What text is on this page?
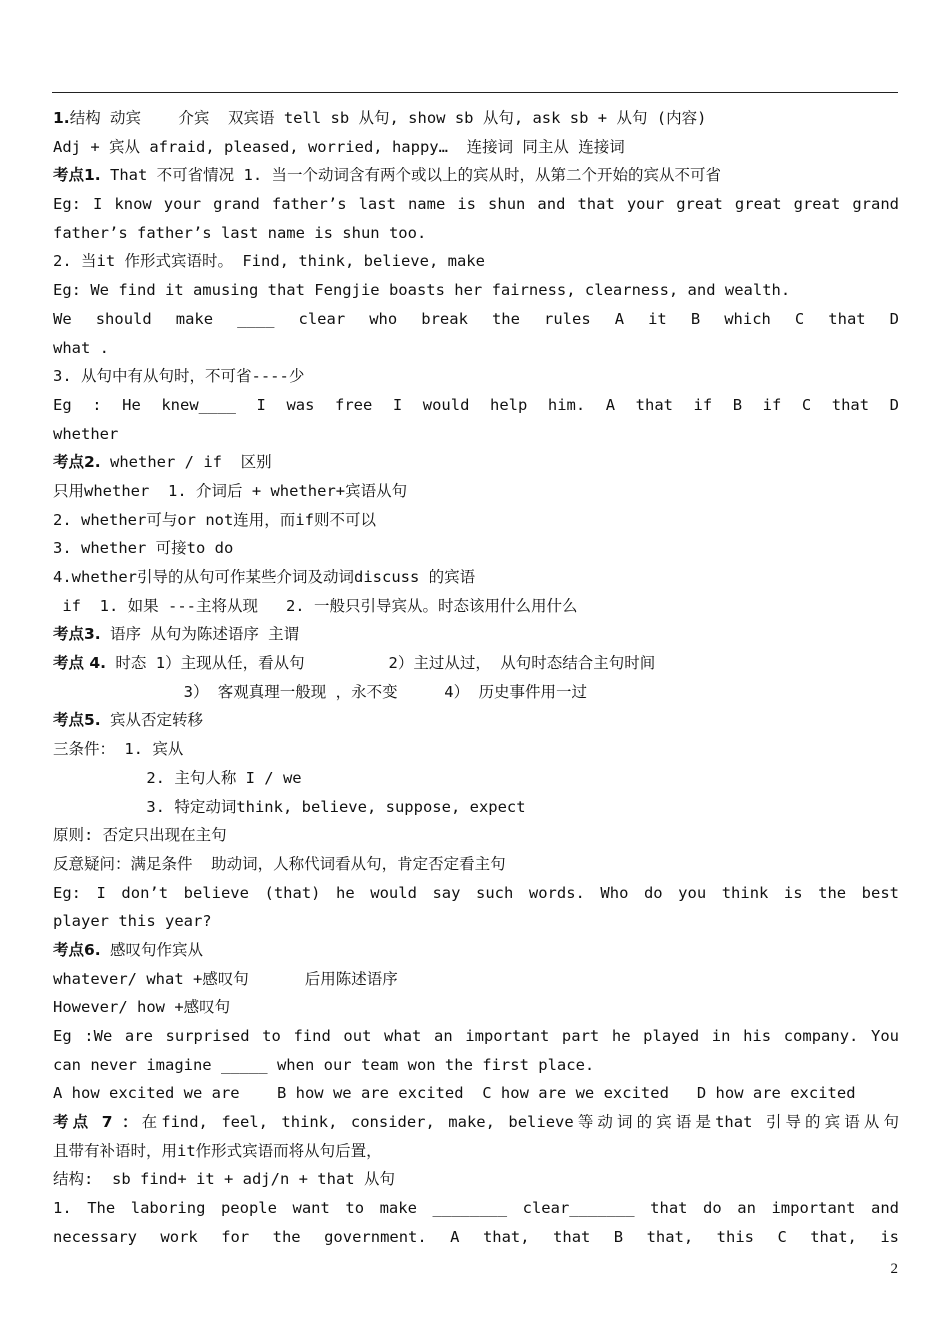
1.结构 动宾    介宾  双宾语 tell sb 从句, show sb 从句, ask sb + 从句 (内容)
Adj + 宾从 afraid, pleased, worried, happy…  连接词 同主从 连接词
考点1. That 不可省情况 1. 当一个动词含有两个或以上的宾从时，从第二个开始的宾从不可省
Eg: I know your grand father’s last name is shun and that your great great great grand
father’s father’s last name is shun too.
2. 当it 作形式宾语时。 Find, think, believe, make
Eg: We find it amusing that Fengjie boasts her fairness, clearness, and wealth.
We should make ____ clear who break the rules A it B which C that D
what .
3. 从句中有从句时，不可省----少
Eg : He knew____ I was free I would help him. A that if B if C that D
whether
考点2. whether / if  区别
只用whether  1. 介词后 + whether+宾语从句
2. whether可与or not连用，而if则不可以
3. whether 可接to do
4.whether引导的从句可作某些介词及动词discuss 的宾语
if  1. 如果 ---主将从现   2. 一般只引导宾从。时态该用什么用什么
考点3. 语序 从句为陈述语序 主谓
考点 4. 时态 1）主现从任，看从句         2）主过从过， 从句时态结合主句时间
3） 客观真理一般现 ，永不变     4） 历史事件用一过
考点5. 宾从否定转移
三条件： 1. 宾从
2. 主句人称 I / we
3. 特定动词think, believe, suppose, expect
原则: 否定只出现在主句
反意疑问：满足条件  助动词，人称代词看从句，肯定否定看主句
Eg: I don’t believe (that) he would say such words. Who do you think is the best
player this year?
考点6. 感叹句作宾从
whatever/ what +感叹句      后用陈述语序
However/ how +感叹句
Eg :We are surprised to find out what an important part he played in his company. You
can never imagine _____ when our team won the first place.
A how excited we are    B how we are excited  C how are we excited   D how are excited
考点 7 ：在find, feel, think, consider, make, believe等动词的宾语是that 引导的宾语从句
且带有补语时，用it作形式宾语而将从句后置，
结构:  sb find+ it + adj/n + that 从句
1. The laboring people want to make ________ clear_______ that do an important and
necessary work for the government. A that, that B that, this C that, is
2
